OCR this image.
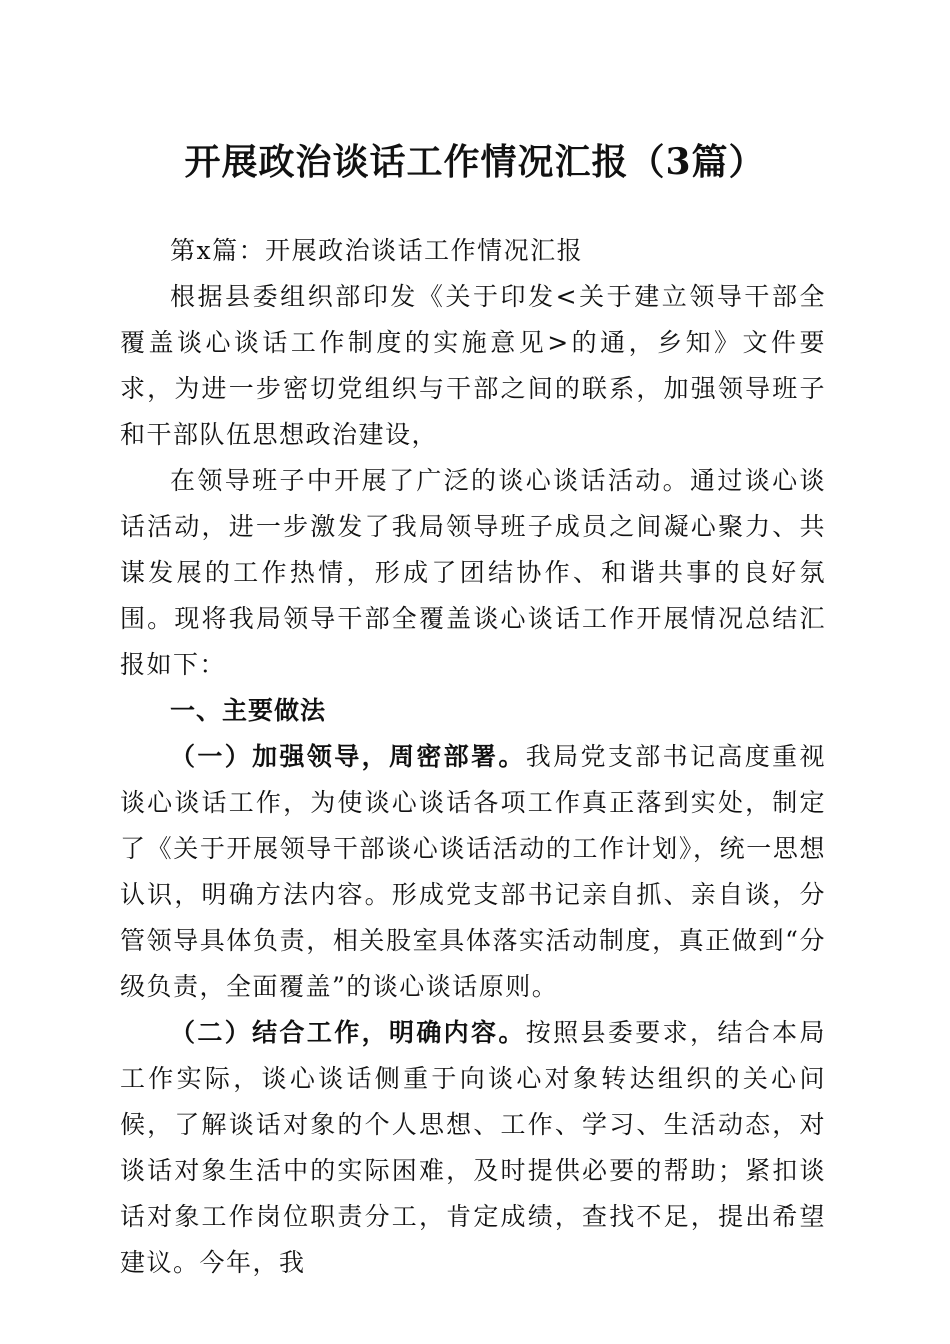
开展政治谈话工作情况汇报（3篇）

第x篇：开展政治谈话工作情况汇报

根据县委组织部印发《关于印发<关于建立领导干部全覆盖谈心谈话工作制度的实施意见>的通，乡知》文件要求，为进一步密切党组织与干部之间的联系，加强领导班子和干部队伍思想政治建设，

在领导班子中开展了广泛的谈心谈话活动。通过谈心谈话活动，进一步激发了我局领导班子成员之间凝心聚力、共谋发展的工作热情，形成了团结协作、和谐共事的良好氛围。现将我局领导干部全覆盖谈心谈话工作开展情况总结汇报如下：

一、主要做法

（一）加强领导，周密部署。我局党支部书记高度重视谈心谈话工作，为使谈心谈话各项工作真正落到实处，制定了《关于开展领导干部谈心谈话活动的工作计划》，统一思想认识，明确方法内容。形成党支部书记亲自抓、亲自谈，分管领导具体负责，相关股室具体落实活动制度，真正做到“分级负责，全面覆盖”的谈心谈话原则。

（二）结合工作，明确内容。按照县委要求，结合本局工作实际，谈心谈话侧重于向谈心对象转达组织的关心问候，了解谈话对象的个人思想、工作、学习、生活动态，对谈话对象生活中的实际困难，及时提供必要的帮助；紧扣谈话对象工作岗位职责分工，肯定成绩，查找不足，提出希望建议。今年，我
